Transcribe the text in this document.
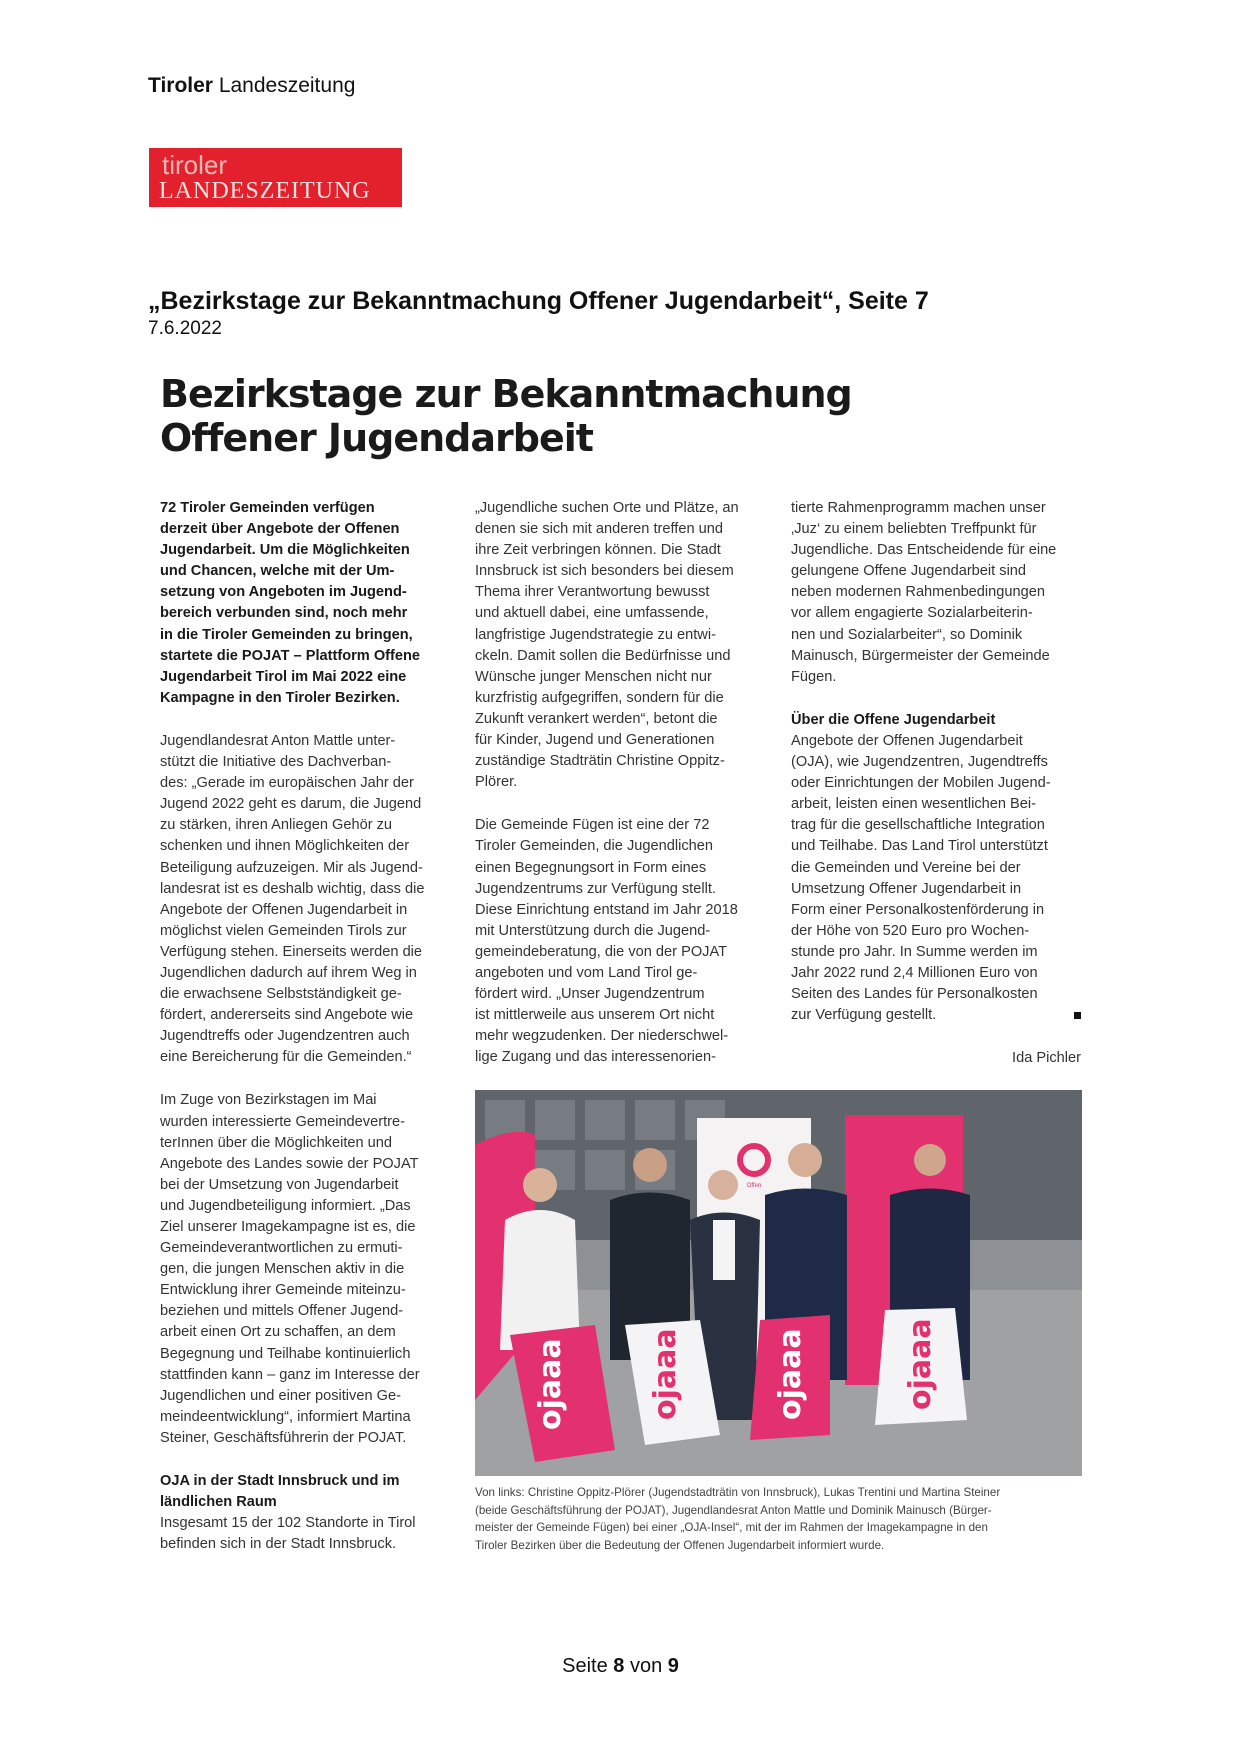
Tiroler Landeszeitung
tiroler
LANDESZEITUNG
„Bezirkstage zur Bekanntmachung Offener Jugendarbeit“, Seite 7
7.6.2022
Bezirkstage zur Bekanntmachung
Offener Jugendarbeit
72 Tiroler Gemeinden verfügen
derzeit über Angebote der Offenen
Jugendarbeit. Um die Möglichkeiten
und Chancen, welche mit der Um-
setzung von Angeboten im Jugend-
bereich verbunden sind, noch mehr
in die Tiroler Gemeinden zu bringen,
startete die POJAT – Plattform Offene
Jugendarbeit Tirol im Mai 2022 eine
Kampagne in den Tiroler Bezirken.
Jugendlandesrat Anton Mattle unter-
stützt die Initiative des Dachverban-
des: „Gerade im europäischen Jahr der
Jugend 2022 geht es darum, die Jugend
zu stärken, ihren Anliegen Gehör zu
schenken und ihnen Möglichkeiten der
Beteiligung aufzuzeigen. Mir als Jugend-
landesrat ist es deshalb wichtig, dass die
Angebote der Offenen Jugendarbeit in
möglichst vielen Gemeinden Tirols zur
Verfügung stehen. Einerseits werden die
Jugendlichen dadurch auf ihrem Weg in
die erwachsene Selbstständigkeit ge-
fördert, andererseits sind Angebote wie
Jugendtreffs oder Jugendzentren auch
eine Bereicherung für die Gemeinden.“
Im Zuge von Bezirkstagen im Mai
wurden interessierte Gemeindevertre-
terInnen über die Möglichkeiten und
Angebote des Landes sowie der POJAT
bei der Umsetzung von Jugendarbeit
und Jugendbeteiligung informiert. „Das
Ziel unserer Imagekampagne ist es, die
Gemeindeverantwortlichen zu ermuti-
gen, die jungen Menschen aktiv in die
Entwicklung ihrer Gemeinde miteinzu-
beziehen und mittels Offener Jugend-
arbeit einen Ort zu schaffen, an dem
Begegnung und Teilhabe kontinuierlich
stattfinden kann – ganz im Interesse der
Jugendlichen und einer positiven Ge-
meindeentwicklung“, informiert Martina
Steiner, Geschäftsführerin der POJAT.
OJA in der Stadt Innsbruck und im
ländlichen Raum
Insgesamt 15 der 102 Standorte in Tirol
befinden sich in der Stadt Innsbruck.
„Jugendliche suchen Orte und Plätze, an
denen sie sich mit anderen treffen und
ihre Zeit verbringen können. Die Stadt
Innsbruck ist sich besonders bei diesem
Thema ihrer Verantwortung bewusst
und aktuell dabei, eine umfassende,
langfristige Jugendstrategie zu entwi-
ckeln. Damit sollen die Bedürfnisse und
Wünsche junger Menschen nicht nur
kurzfristig aufgegriffen, sondern für die
Zukunft verankert werden“, betont die
für Kinder, Jugend und Generationen
zuständige Stadträtin Christine Oppitz-
Plörer.
Die Gemeinde Fügen ist eine der 72
Tiroler Gemeinden, die Jugendlichen
einen Begegnungsort in Form eines
Jugendzentrums zur Verfügung stellt.
Diese Einrichtung entstand im Jahr 2018
mit Unterstützung durch die Jugend-
gemeindeberatung, die von der POJAT
angeboten und vom Land Tirol ge-
fördert wird. „Unser Jugendzentrum
ist mittlerweile aus unserem Ort nicht
mehr wegzudenken. Der niederschwel-
lige Zugang und das interessenorien-
tierte Rahmenprogramm machen unser
‚Juz‘ zu einem beliebten Treffpunkt für
Jugendliche. Das Entscheidende für eine
gelungene Offene Jugendarbeit sind
neben modernen Rahmenbedingungen
vor allem engagierte Sozialarbeiterin-
nen und Sozialarbeiter“, so Dominik
Mainusch, Bürgermeister der Gemeinde
Fügen.
Über die Offene Jugendarbeit
Angebote der Offenen Jugendarbeit
(OJA), wie Jugendzentren, Jugendtreffs
oder Einrichtungen der Mobilen Jugend-
arbeit, leisten einen wesentlichen Bei-
trag für die gesellschaftliche Integration
und Teilhabe. Das Land Tirol unterstützt
die Gemeinden und Vereine bei der
Umsetzung Offener Jugendarbeit in
Form einer Personalkostenförderung in
der Höhe von 520 Euro pro Wochen-
stunde pro Jahr. In Summe werden im
Jahr 2022 rund 2,4 Millionen Euro von
Seiten des Landes für Personalkosten
zur Verfügung gestellt.
Ida Pichler
Offen
ojaaa	ojaaa	ojaaa	ojaaa
Von links: Christine Oppitz-Plörer (Jugendstadträtin von Innsbruck), Lukas Trentini und Martina Steiner
(beide Geschäftsführung der POJAT), Jugendlandesrat Anton Mattle und Dominik Mainusch (Bürger-
meister der Gemeinde Fügen) bei einer „OJA-Insel“, mit der im Rahmen der Imagekampagne in den
Tiroler Bezirken über die Bedeutung der Offenen Jugendarbeit informiert wurde.
Seite 8 von 9
